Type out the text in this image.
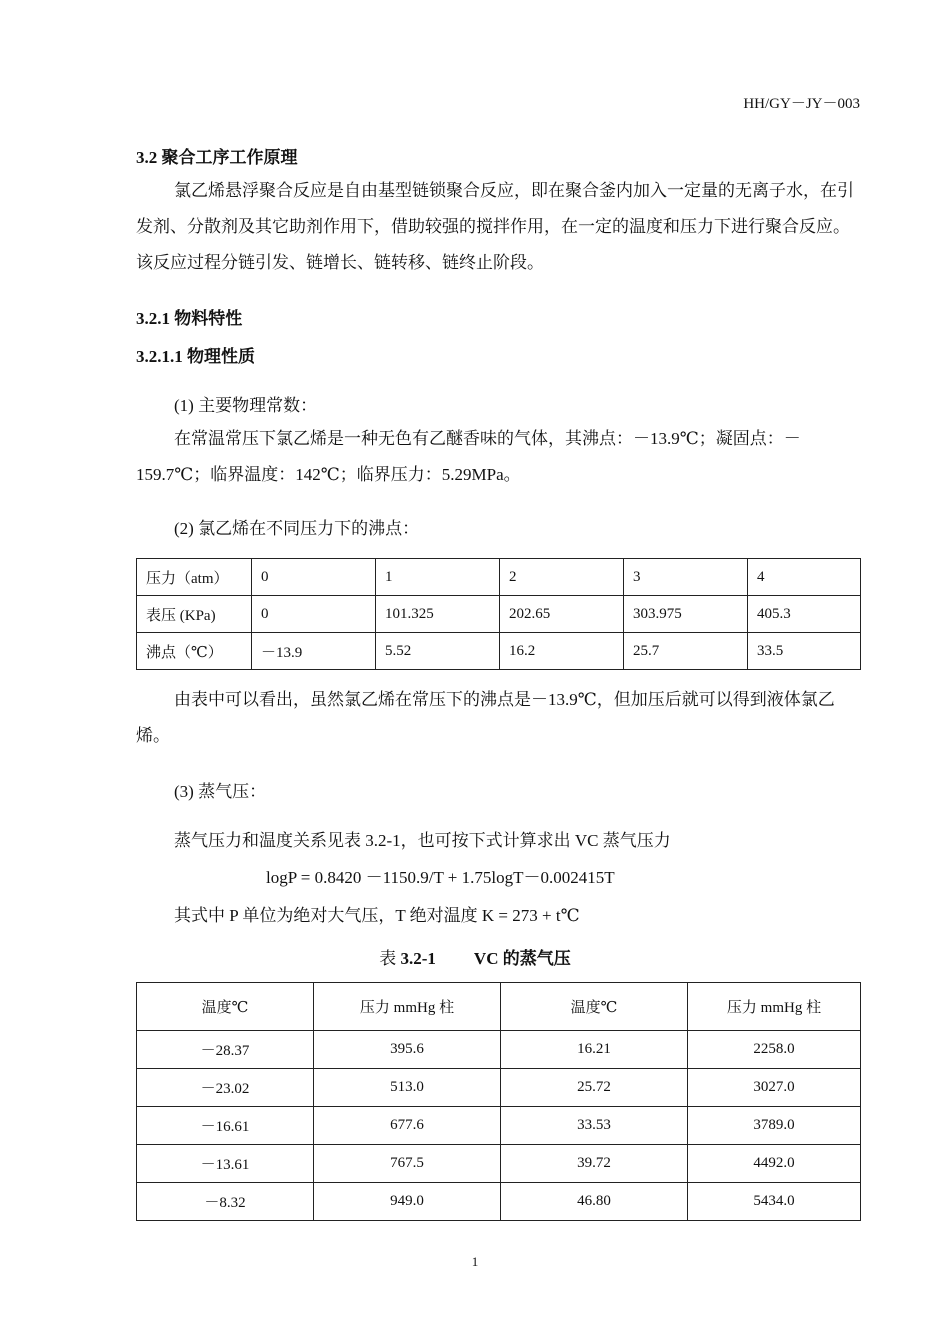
HH/GY－JY－003
3.2 聚合工序工作原理
氯乙烯悬浮聚合反应是自由基型链锁聚合反应，即在聚合釜内加入一定量的无离子水，在引发剂、分散剂及其它助剂作用下，借助较强的搅拌作用，在一定的温度和压力下进行聚合反应。该反应过程分链引发、链增长、链转移、链终止阶段。
3.2.1 物料特性
3.2.1.1 物理性质
(1) 主要物理常数：
在常温常压下氯乙烯是一种无色有乙醚香味的气体，其沸点：－13.9℃；凝固点：－159.7℃；临界温度：142℃；临界压力：5.29MPa。
(2) 氯乙烯在不同压力下的沸点：
压力（atm）	0	1	2	3	4
表压 (KPa)	0	101.325	202.65	303.975	405.3
沸点（℃）	－13.9	5.52	16.2	25.7	33.5
由表中可以看出，虽然氯乙烯在常压下的沸点是－13.9℃，但加压后就可以得到液体氯乙烯。
(3) 蒸气压：
蒸气压力和温度关系见表 3.2-1，也可按下式计算求出 VC 蒸气压力
logP = 0.8420 －1150.9/T + 1.75logT－0.002415T
其式中 P 单位为绝对大气压，T 绝对温度 K = 273 + t℃
表 3.2-1 VC 的蒸气压
温度℃	压力 mmHg 柱	温度℃	压力 mmHg 柱
－28.37	395.6	16.21	2258.0
－23.02	513.0	25.72	3027.0
－16.61	677.6	33.53	3789.0
－13.61	767.5	39.72	4492.0
－8.32	949.0	46.80	5434.0
1
